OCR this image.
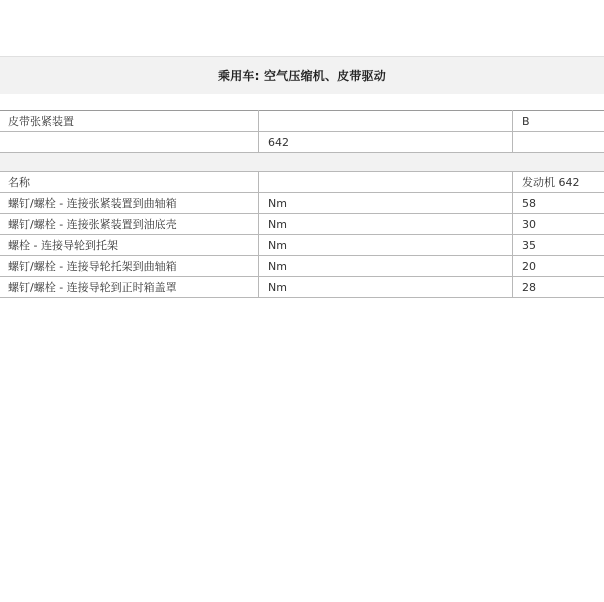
乘用车: 空气压缩机、皮带驱动
皮带张紧装置		B
	642	

名称		发动机 642
螺钉/螺栓 - 连接张紧装置到曲轴箱	Nm	58
螺钉/螺栓 - 连接张紧装置到油底壳	Nm	30
螺栓 - 连接导轮到托架	Nm	35
螺钉/螺栓 - 连接导轮托架到曲轴箱	Nm	20
螺钉/螺栓 - 连接导轮到正时箱盖罩	Nm	28
